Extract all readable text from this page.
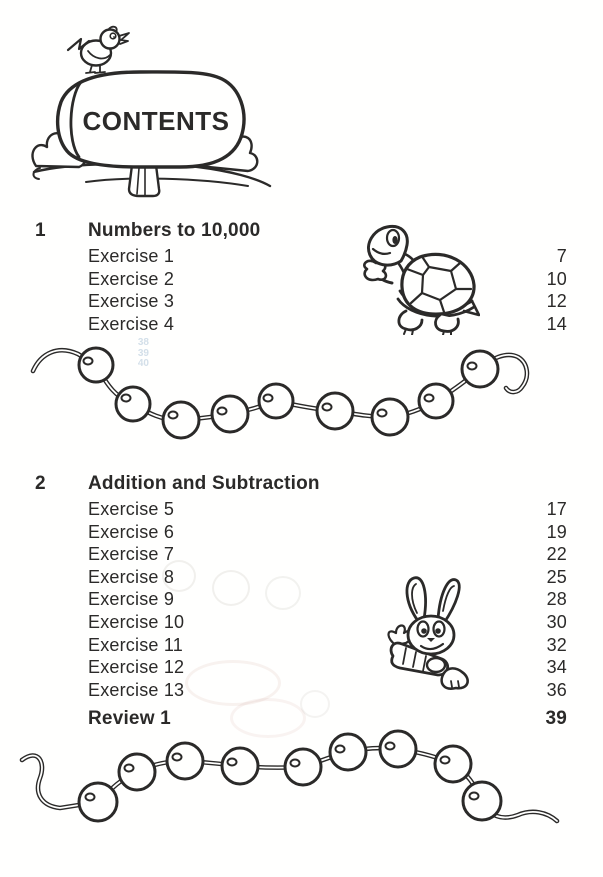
CONTENTS
1	Numbers to 10,000
Exercise 1	7
Exercise 2	10
Exercise 3	12
Exercise 4	14
2	Addition and Subtraction
Exercise 5	17
Exercise 6	19
Exercise 7	22
Exercise 8	25
Exercise 9	28
Exercise 10	30
Exercise 11	32
Exercise 12	34
Exercise 13	36
Review 1	39
38
39
40
